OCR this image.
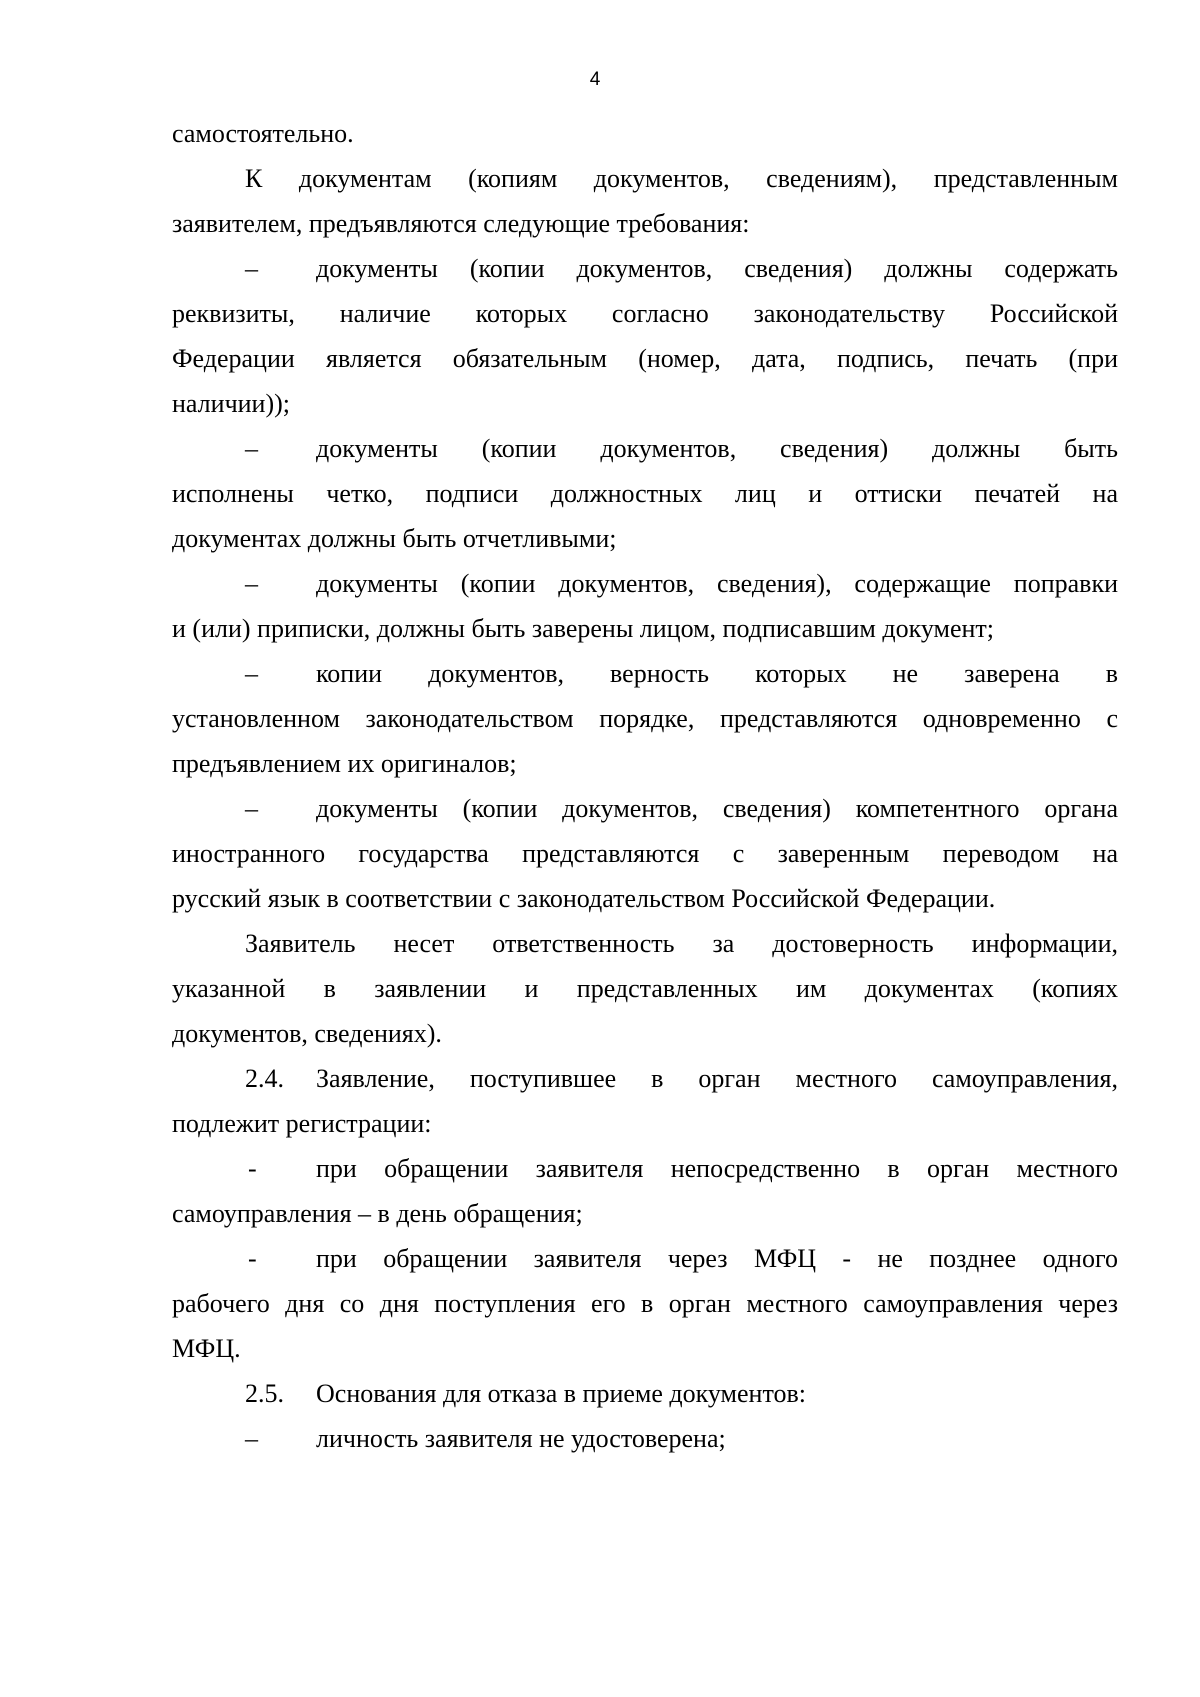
4
самостоятельно.
К документам (копиям документов, сведениям), представленным
заявителем, предъявляются следующие требования:
– документы (копии документов, сведения) должны содержать
реквизиты, наличие которых согласно законодательству Российской
Федерации является обязательным (номер, дата, подпись, печать (при
наличии));
– документы (копии документов, сведения) должны быть
исполнены четко, подписи должностных лиц и оттиски печатей на
документах должны быть отчетливыми;
– документы (копии документов, сведения), содержащие поправки
и (или) приписки, должны быть заверены лицом, подписавшим документ;
– копии документов, верность которых не заверена в
установленном законодательством порядке, представляются одновременно с
предъявлением их оригиналов;
– документы (копии документов, сведения) компетентного органа
иностранного государства представляются с заверенным переводом на
русский язык в соответствии с законодательством Российской Федерации.
Заявитель несет ответственность за достоверность информации,
указанной в заявлении и представленных им документах (копиях
документов, сведениях).
2.4. Заявление, поступившее в орган местного самоуправления,
подлежит регистрации:
- при обращении заявителя непосредственно в орган местного
самоуправления – в день обращения;
- при обращении заявителя через МФЦ - не позднее одного
рабочего дня со дня поступления его в орган местного самоуправления через
МФЦ.
2.5. Основания для отказа в приеме документов:
– личность заявителя не удостоверена;
